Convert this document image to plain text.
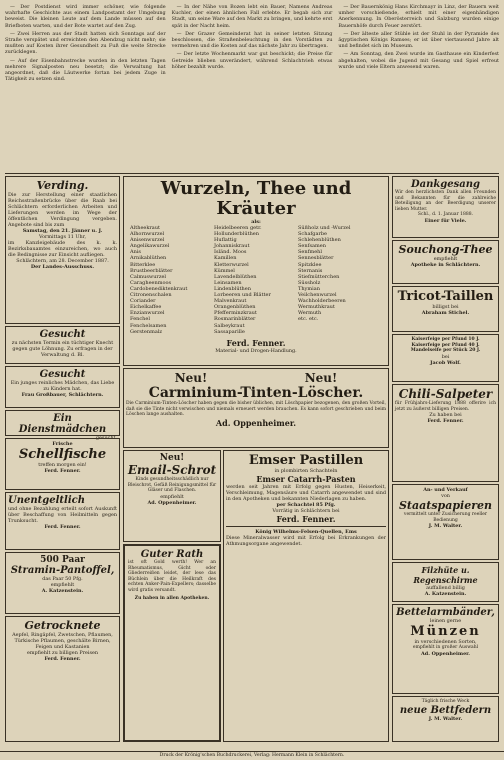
— Der Postdienst wird immer schöner, wie folgende wahrhafte Geschichte aus einem Landpostamt der Umgebung beweist. Die kleinen Leute auf dem Lande müssen auf den Briefboten warten, und der Bote wartet auf den Zug.

— Zwei Herren aus der Stadt hatten sich Sonntags auf der Straße verspätet und erreichten den Abendzug nicht mehr; sie mußten auf Kosten ihrer Gesundheit zu Fuß die weite Strecke zurücklegen.

— Auf der Eisenbahnstrecke wurden in den letzten Tagen mehrere Signalposten neu besetzt; die Verwaltung hat angeordnet, daß die Läutwerke fortan bei jedem Zuge in Tätigkeit zu setzen sind.

— In der Nähe von Bozen lebt ein Bauer, Namens Andreas Kuchler, der einen ähnlichen Fall erlebte. Er begab sich zur Stadt, um seine Ware auf den Markt zu bringen, und kehrte erst spät in der Nacht heim.

— Der Grazer Gemeinderat hat in seiner letzten Sitzung beschlossen, die Straßenbeleuchtung in den Vorstädten zu vermehren und die Kosten auf das nächste Jahr zu übertragen.

— Der letzte Wochenmarkt war gut beschickt; die Preise für Getreide blieben unverändert, während Schlachtvieh etwas höher bezahlt wurde.

— Der Bauernkönig Hans Kirchmayr in Linz, der Bauern weit umher vorschießende, erhielt mit einer eigenhändigen Anerkennung. In Oberösterreich und Salzburg wurden einige Bauernhöfe durch Feuer zerstört.

— Der älteste aller Stühle ist der Stuhl in der Pyramide des ägyptischen Königs Ramses; er ist über viertausend Jahre alt und befindet sich im Museum.

— Am Sonntag, den Zwei wurde im Gasthause ein Kinderfest abgehalten, wobei die Jugend mit Gesang und Spiel erfreut wurde und viele Eltern anwesend waren.

Verding.
Die zur Herstellung einer staatlichen Reichsstraßenbrücke über die Raab bei Schlächtern erforderlichen Arbeiten und Lieferungen werden im Wege der öffentlichen Verdingung vergeben. Angebote sind bis zum
Samstag, den 21. Jänner u. J.
Vormittags 11 Uhr,
im Kanzleigebäude des k. k. Bezirksbauamtes einzureichen, wo auch die Bedingnisse zur Einsicht aufliegen.
Schlächtern, am 28. December 1887.
Der Landes-Ausschuss.
Gesucht
zu nächsten Termin ein tüchtiger Knecht gegen gute Löhnung. Zu erfragen in der Verwaltung d. Bl.
Gesucht
Ein junges reinliches Mädchen, das Liebe zu Kindern hat.
Frau Großbauer, Schlächtern.
Ein Dienstmädchen
gesucht.
Frische
Schellfische
treffen morgen ein!
Ferd. Fenner.
Unentgeltlich
und ohne Bezahlung erteilt sofort Auskunft über Beschaffung von Heilmitteln gegen Trunksucht.
Ferd. Fenner.
500 Paar
Stramin-Pantoffel,
das Paar 50 Pfg.
empfiehlt
A. Katzenstein.
Getrocknete
Aepfel, Ringäpfel, Zwetschen, Pflaumen, Türkische Pflaumen, geschälte Birnen, Feigen und Kastanien
empfiehlt zu billigen Preisen
Ferd. Fenner.
Wurzeln, Thee und Kräuter
als:
Altheekraut	Heidelbeeren getr.	Süßholz und -Wurzel
Alhornwurzel	Hollunderblüthen	Schafgarbe
Anisenwurzel	Huflattig	Schlehenblüthen
Angelikawurzel	Johanniskraut	Senfsamen
Anis	Isländ. Moos	Senfmehl
Arnikablüthen	Kamillen	Sennesblätter
Bitterklee	Kletterwurzel	Spitzklee
Brustbeerblätter	Kümmel	Sternanis
Calmuswurzel	Lavendelblüthen	Stiefmütterchen
Caragheenmoos	Leinsamen	Süssholz
Cardobenediktenkraut	Lindenblüthen	Thymian
Citronenschalen	Lorbeeren und Blätter	Veilchenwurzel
Coriander	Malvenkraut	Wachholderbeeren
Eichelkaffee	Orangenblüthen	Wermuthkraut
Enzianwurzel	Pfefferminzkraut	Wermuth
Fenchel	Rosmarinblätter	etc. etc.
Fenchelsamen	Salbeykraut
Gerstenmalz	Sassaparille
Ferd. Fenner.
Material- und Drogen-Handlung.
Neu!	Neu!
Carminium-Tinten-Löscher.
Die Carminium-Tinten-Löscher haben gegen die bisher üblichen, mit Löschpapier bezogenen, den großen Vorteil, daß sie die Tinte nicht verwischen und niemals erneuert werden brauchen. Es kann sofort geschrieben und beim Löschen lange aushalten.
Ad. Oppenheimer.
Neu!
Email-Schrot
Kinds gesundheitsschädlich nur Bleischrot, Gefäß Reinigungsmittel für Gläser und Flaschen.
empfiehlt
Ad. Oppenheimer.
Guter Rath
ist oft Gold werth! Wer an Rheumatismus, Gicht oder Gliederreißen leidet, der lese das Büchlein über die Heilkraft des echten Anker-Pain-Expellers; dasselbe wird gratis versandt.
Zu haben in allen Apotheken.
Emser Pastillen
in plombirten Schachteln
Emser Catarrh-Pasten
werden seit Jahren mit Erfolg gegen Husten, Heiserkeit, Verschleimung, Magensäure und Catarrh angewendet und sind in den Apotheken und bekannten Niederlagen zu haben.
per Schachtel 85 Pfg.
Vorrätig in Schlächtern bei
Ferd. Fenner.
König Wilhelms-Felsen-Quellen, Ems
Diese Mineralwasser wird mit Erfolg bei Erkrankungen der Athmungsorgane angewendet.
Dankgesang
Wir den herzlichsten Dank allen Freunden und Bekannten für die zahlreiche Beteiligung an der Beerdigung unserer lieben Mutter.
Schl., d. 1. Januar 1888.
Einer für Viele.
Souchong-Thee
empfiehlt
Apotheke in Schlächtern.
Tricot-Taillen
billigst bei
Abraham Stichel.
Kaiserfeige per Pfund 10 J.
Kaiserfeige per Pfund 40 J.
Mandelseife per Stück 20 J.
bei
Jacob Wolf.
Chili-Salpeter
für Frühjahrs-Lieferung 1888 offerire ich jetzt zu äußerst billigen Preisen.
Zu haben bei
Ferd. Fenner.
An- und Verkauf
von
Staatspapieren
vermittelt unter Zusicherung reeller Bedienung
J. M. Walter.
Filzhüte u. Regenschirme
auffallend billig
A. Katzenstein.
Bettelarmbänder,
leinen gerne
Münzen
in verschiedenen Sorten,
empfiehlt in großer Auswahl
Ad. Oppenheimer.
Täglich frische Weck
neue Bettfedern
J. M. Walter.
Druck der Krönig'schen Buchdruckerei, Verlag: Hermann Klein in Schlächtern.
